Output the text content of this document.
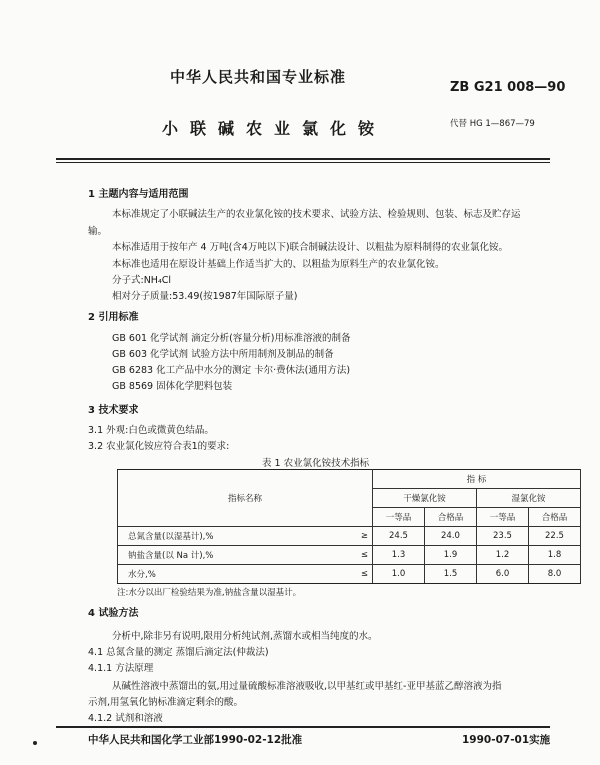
中华人民共和国专业标准
ZB G21 008—90
小联碱农业氯化铵	代替 HG 1—867—79
1 主题内容与适用范围
本标准规定了小联碱法生产的农业氯化铵的技术要求、试验方法、检验规则、包装、标志及贮存运
输。
本标准适用于按年产 4 万吨(含4万吨以下)联合制碱法设计、以粗盐为原料制得的农业氯化铵。
本标准也适用在原设计基础上作适当扩大的、以粗盐为原料生产的农业氯化铵。
分子式:NH₄Cl
相对分子质量:53.49(按1987年国际原子量)
2 引用标准
GB 601 化学试剂 滴定分析(容量分析)用标准溶液的制备
GB 603 化学试剂 试验方法中所用制剂及制品的制备
GB 6283 化工产品中水分的测定 卡尔·费休法(通用方法)
GB 8569 固体化学肥料包装
3 技术要求
3.1 外观:白色或微黄色结晶。
3.2 农业氯化铵应符合表1的要求:
表 1 农业氯化铵技术指标
指标名称		指 标			
		干燥氯化铵		湿氯化铵	
		一等品	合格品	一等品	合格品
总氮含量(以湿基计),%	≥	24.5	24.0	23.5	22.5
钠盐含量(以 Na 计),%	≤	1.3	1.9	1.2	1.8
水分,%	≤	1.0	1.5	6.0	8.0
注:水分以出厂检验结果为准,钠盐含量以湿基计。
4 试验方法
分析中,除非另有说明,限用分析纯试剂,蒸馏水或相当纯度的水。
4.1 总氮含量的测定 蒸馏后滴定法(仲裁法)
4.1.1 方法原理
从碱性溶液中蒸馏出的氨,用过量硫酸标准溶液吸收,以甲基红或甲基红-亚甲基蓝乙醇溶液为指
示剂,用氢氧化钠标准滴定剩余的酸。
4.1.2 试剂和溶液
中华人民共和国化学工业部1990-02-12批准	1990-07-01实施
